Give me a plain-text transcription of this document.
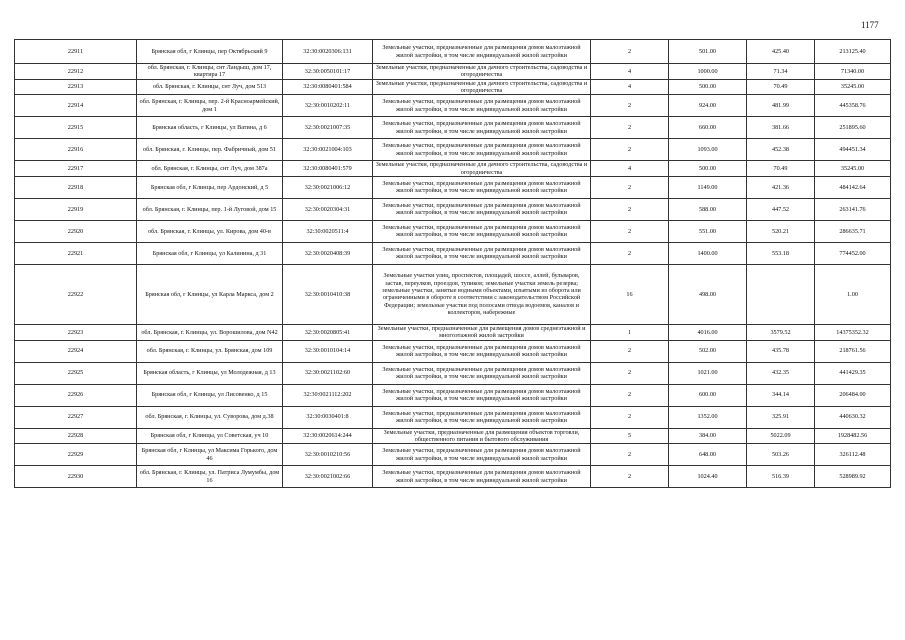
1177
22911	Брянская обл, г Клинцы, пер Октябрьский 9	32:30:0020306:131	Земельные участки, предназначенные для размещения домов малоэтажной жилой застройки, в том числе индивидуальной жилой застройки	2	501.00	425.40	213125.40
22912	обл. Брянская, г. Клинцы, снт Ландыш, дом 17, квартира 17	32:30:0050101:17	Земельные участки, предназначенные для дачного строительства, садоводства и огородничества	4	1000.00	71.34	71340.00
22913	обл. Брянская, г. Клинцы, снт Луч, дом 513	32:30:0080401:584	Земельные участки, предназначенные для дачного строительства, садоводства и огородничества	4	500.00	70.49	35245.00
22914	обл. Брянская, г. Клинцы, пер. 2-й Красноармейский, дом 1	32:30:0010202:11	Земельные участки, предназначенные для размещения домов малоэтажной жилой застройки, в том числе индивидуальной жилой застройки	2	924.00	481.99	445358.76
22915	Брянская область, г Клинцы, ул Ватина, д 6	32:30:0021007:35	Земельные участки, предназначенные для размещения домов малоэтажной жилой застройки, в том числе индивидуальной жилой застройки	2	660.00	381.66	251895.60
22916	обл. Брянская, г. Клинцы, пер. Фабричный, дом 51	32:30:0021004:103	Земельные участки, предназначенные для размещения домов малоэтажной жилой застройки, в том числе индивидуальной жилой застройки	2	1093.00	452.38	494451.34
22917	обл. Брянская, г. Клинцы, снт Луч, дом 387а	32:30:0080401:579	Земельные участки, предназначенные для дачного строительства, садоводства и огородничества	4	500.00	70.49	35245.00
22918	Брянская обл, г Клинцы, пер Ардонский, д 5	32:30:0021006:12	Земельные участки, предназначенные для размещения домов малоэтажной жилой застройки, в том числе индивидуальной жилой застройки	2	1149.00	421.36	484142.64
22919	обл. Брянская, г. Клинцы, пер. 1-й Луговой, дом 15	32:30:0020304:31	Земельные участки, предназначенные для размещения домов малоэтажной жилой застройки, в том числе индивидуальной жилой застройки	2	588.00	447.52	263141.76
22920	обл. Брянская, г. Клинцы, ул. Кирова, дом 40-в	32:30:0020511:4	Земельные участки, предназначенные для размещения домов малоэтажной жилой застройки, в том числе индивидуальной жилой застройки	2	551.00	520.21	286635.71
22921	Брянская обл, г Клинцы, ул Калинина, д 31	32:30:0020408:39	Земельные участки, предназначенные для размещения домов малоэтажной жилой застройки, в том числе индивидуальной жилой застройки	2	1400.00	553.18	774452.00
22922	Брянская обл, г Клинцы, ул Карла Маркса, дом 2	32:30:0010410:38	Земельные участки улиц, проспектов, площадей, шоссе, аллей, бульваров, застав, переулков, проездов, тупиков; земельные участки земель резерва; земельные участки, занятые водными объектами, изъятыми из оборота или ограниченными в обороте в соответствии с законодательством Российской Федерации; земельные участки под полосами отвода водоемов, каналов и коллекторов, набережные	16	498.00		1.00
22923	обл. Брянская, г. Клинцы, ул. Ворошилова, дом N42	32:30:0020805:41	Земельные участки, предназначенные для размещения домов среднеэтажной и многоэтажной жилой застройки	1	4016.00	3579.52	14375352.32
22924	обл. Брянская, г. Клинцы, ул. Брянская, дом 109	32:30:0010104:14	Земельные участки, предназначенные для размещения домов малоэтажной жилой застройки, в том числе индивидуальной жилой застройки	2	502.00	435.78	218761.56
22925	Брянская область, г Клинцы, ул Молодежная, д 13	32:30:0021102:60	Земельные участки, предназначенные для размещения домов малоэтажной жилой застройки, в том числе индивидуальной жилой застройки	2	1021.00	432.35	441429.35
22926	Брянская обл, г Клинцы, ул Лисовенко, д 15	32:30:0021112:202	Земельные участки, предназначенные для размещения домов малоэтажной жилой застройки, в том числе индивидуальной жилой застройки	2	600.00	344.14	206484.00
22927	обл. Брянская, г. Клинцы, ул. Суворова, дом д.38	32:30:0030401:8	Земельные участки, предназначенные для размещения домов малоэтажной жилой застройки, в том числе индивидуальной жилой застройки	2	1352.00	325.91	440630.32
22928	Брянская обл, г Клинцы, ул Советская, уч 10	32:30:0020614:244	Земельные участки, предназначенные для размещения объектов торговли, общественного питания и бытового обслуживания	5	384.00	5022.09	1928482.56
22929	Брянская обл, г Клинцы, ул Максима Горького, дом 46	32:30:0010210:56	Земельные участки, предназначенные для размещения домов малоэтажной жилой застройки, в том числе индивидуальной жилой застройки	2	648.00	503.26	326112.48
22930	обл. Брянская, г. Клинцы, ул. Патриса Лумумбы, дом 16	32:30:0021002:66	Земельные участки, предназначенные для размещения домов малоэтажной жилой застройки, в том числе индивидуальной жилой застройки	2	1024.40	516.39	528989.92
